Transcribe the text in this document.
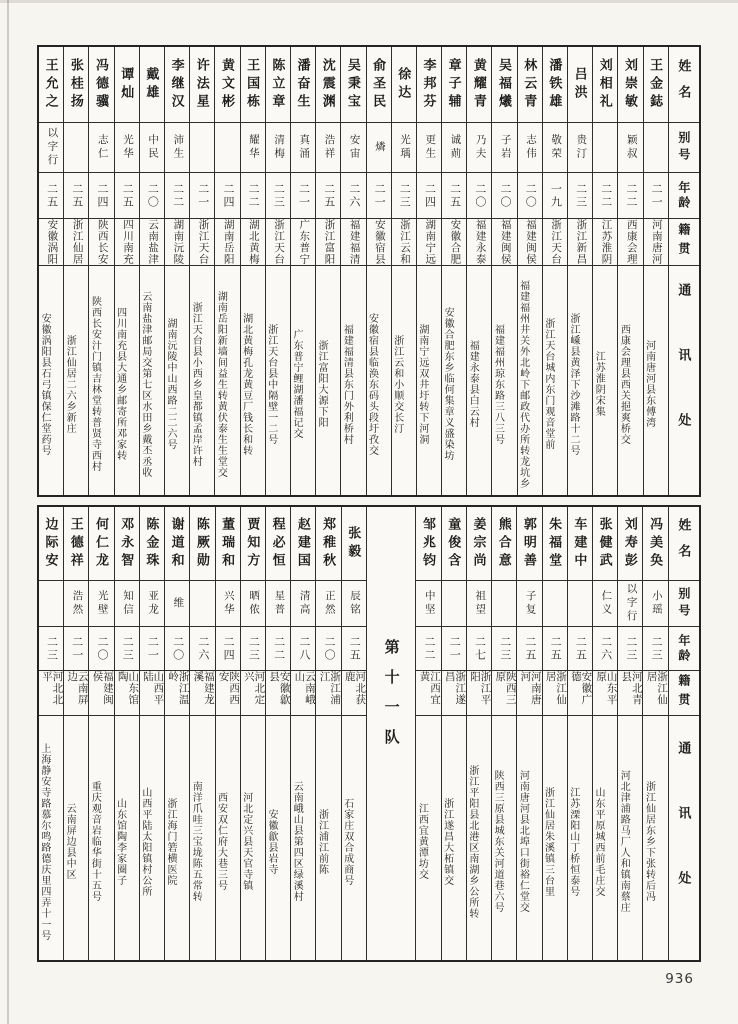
姓名
别号
年龄
籍贯
通讯处
王金鋕
二一
河南唐河
河南唐河县东傅湾
刘崇敏
颖叔
二二
西康会理
西康会理县西关挹爽桥交
刘相礼
二二
江苏淮阴
江苏淮阴宋集
吕洪
贵汀
二三
浙江新昌
浙江嵊县黄泽下沙滩路十二号
潘铁雄
敬荣
一九
浙江天台
浙江天台城内东门观音堂前
林云青
志伟
二〇
福建闽侯
福建福州井关外北岭下邮政代办所转龙坑乡
吴福爔
子岩
二〇
福建闽侯
福建福州琼东路三八三号
黄耀青
乃夫
二〇
福建永泰
福建永泰县白云村
章子辅
诚荝
二五
安徽合肥
安徽合肥东乡临何集章义盛染坊
李邦芬
更生
二四
湖南宁远
湖南宁远双井圩转下河洞
徐达
光瑀
二三
浙江云和
浙江云和小顺交长汀
俞圣民
燐
二一
安徽宿县
安徽宿县临涣东码头段圩孜交
吴秉宝
安宙
二六
福建福清
福建福清县东门外利桥村
沈震渊
浩祥
二五
浙江富阳
浙江富阳大源下阳
潘奋生
真涌
二一
广东普宁
广东普宁鲤湖潘福记交
陈立章
清梅
二三
浙江天台
浙江天台县中隔壁一二号
王国栋
耀华
二二
湖北黄梅
湖北黄梅孔龙黄豆厂钱长和转
黄文彬
二四
湖南岳阳
湖南岳阳新墙间益生转黄伏泰生生堂交
许法星
二一
浙江天台
浙江天台县小西乡皇都镇孟岸许村
李继汉
沛生
二二
湖南沅陵
湖南沅陵中山西路二二六号
戴雄
中民
二〇
云南盐津
云南盐津邮局交第七区水田乡戴丕丞收
谭灿
光华
二五
四川南充
四川南充县大通乡邮寄所邓家转
冯德骥
志仁
二四
陕西长安
陕西长安汁门镇吉林堂转普贤寺西村
张桂扬
二五
浙江仙居
浙江仙居二六乡新庄
王允之
以字行
二五
安徽涡阳
安徽涡阳县石弓镇保仁堂药号
姓名
别号
年龄
籍贯
通讯处
冯美奂
小瑶
二三
浙江仙居
浙江仙居东乡下张转后冯
刘寿彭
以字行
二三
河北青县
河北津浦路马厂人和镇南蔡庄
张健武
仁义
二六
山东平原
山东平原城西前毛庄交
车建中
二五
安徽广德
江苏溧阳山丁桥恒泰号
朱福堂
二五
浙江仙居
浙江仙居朱溪镇三台里
郭明善
子复
二五
河南唐河
河南唐河县北埠口街裕仁堂交
熊合意
二三
陕西三原
陕西三原县城东关河道巷六号
姜宗尚
祖望
二七
浙江平阳
浙江平阳县北港区南湖乡公所转
童俊含
二一
浙江遂昌
浙江遂昌大柘镇交
邹兆钧
中坚
二二
江西宜黄
江西宜黄潭坊交
第十一队
张毅
辰铭
二五
河北获鹿
石家庄双合成商号
郑稚秋
正然
二〇
浙江浦江
浙江浦江前陈
赵建国
清高
二八
云南峨山
云南峨山县第四区绿溪村
程必恒
星普
二二
安徽歙县
安徽歙县岩寺
贾知方
晒侬
二三
河北定兴
河北定兴县天官寺镇
董瑞和
兴华
二四
陕西西安
西安双仁府大巷三号
陈厥勋
二六
福建龙溪
南洋爪哇三宝垅陈五常转
谢道和
维
二〇
浙江温岭
浙江海门箬横医院
陈金珠
亚龙
二一
山西平陆
山西平陆太阳镇村公所
邓永智
知信
二三
山东馆陶
山东馆陶李家圈子
何仁龙
光壁
二〇
福建闽侯
重庆观音岩临华街十五号
王德祥
浩然
二一
云南屏边
云南屏边县中区
边际安
二三
河北北平
上海静安寺路慕尔鸣路德庆里四弄十一号
936
